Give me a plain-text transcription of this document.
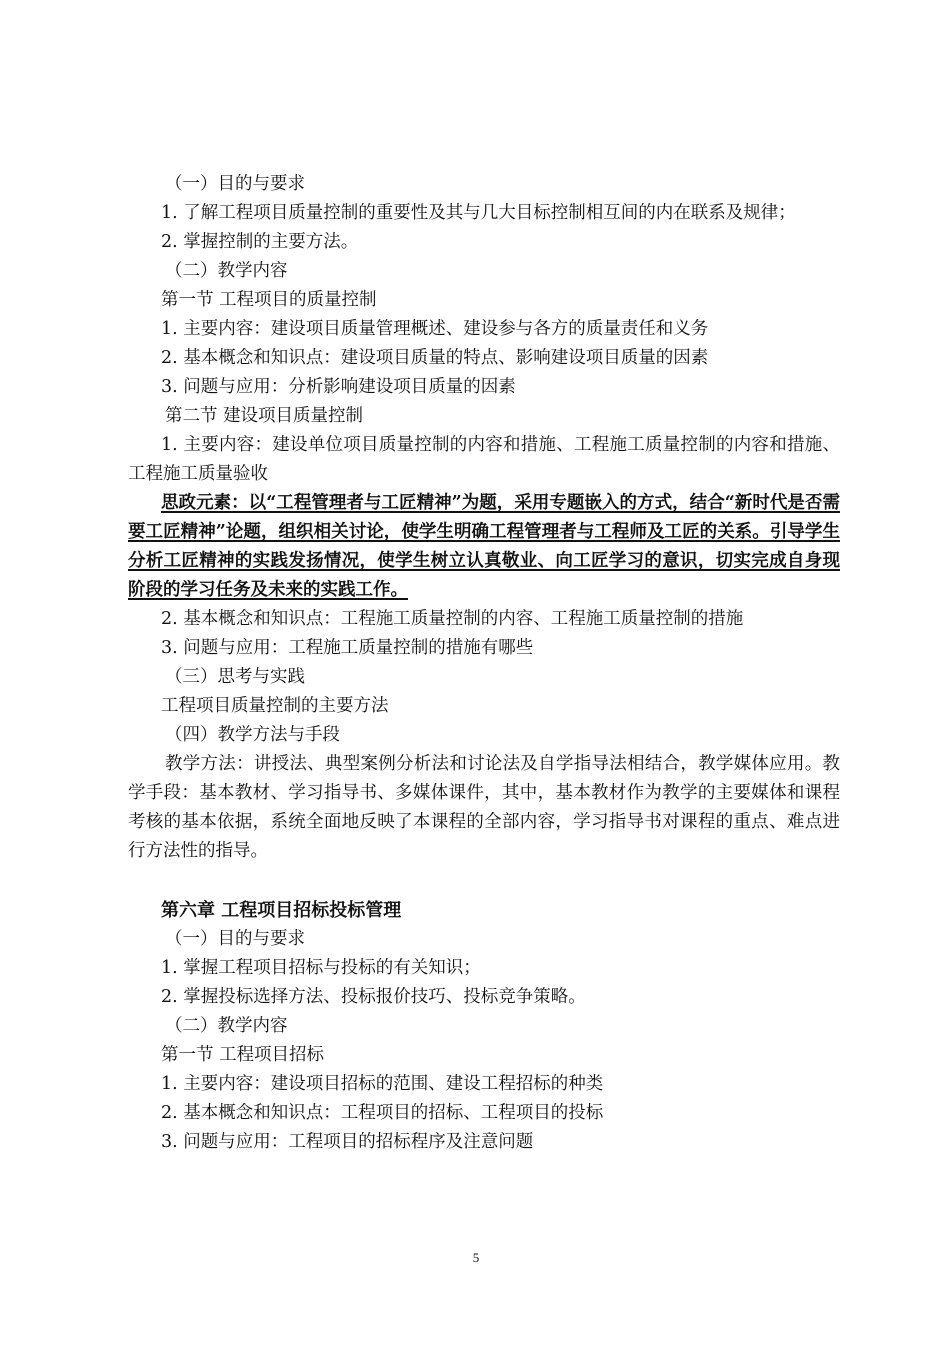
（一）目的与要求
1. 了解工程项目质量控制的重要性及其与几大目标控制相互间的内在联系及规律；
2. 掌握控制的主要方法。
（二）教学内容
第一节 工程项目的质量控制
1. 主要内容：建设项目质量管理概述、建设参与各方的质量责任和义务
2. 基本概念和知识点：建设项目质量的特点、影响建设项目质量的因素
3. 问题与应用：分析影响建设项目质量的因素
第二节 建设项目质量控制
1. 主要内容：建设单位项目质量控制的内容和措施、工程施工质量控制的内容和措施、工程施工质量验收
思政元素：以“工程管理者与工匠精神”为题，采用专题嵌入的方式，结合“新时代是否需要工匠精神”论题，组织相关讨论，使学生明确工程管理者与工程师及工匠的关系。引导学生分析工匠精神的实践发扬情况，使学生树立认真敬业、向工匠学习的意识，切实完成自身现阶段的学习任务及未来的实践工作。
2. 基本概念和知识点：工程施工质量控制的内容、工程施工质量控制的措施
3. 问题与应用：工程施工质量控制的措施有哪些
（三）思考与实践
工程项目质量控制的主要方法
（四）教学方法与手段
教学方法：讲授法、典型案例分析法和讨论法及自学指导法相结合，教学媒体应用。教学手段：基本教材、学习指导书、多媒体课件，其中，基本教材作为教学的主要媒体和课程考核的基本依据，系统全面地反映了本课程的全部内容，学习指导书对课程的重点、难点进行方法性的指导。
第六章 工程项目招标投标管理
（一）目的与要求
1. 掌握工程项目招标与投标的有关知识；
2. 掌握投标选择方法、投标报价技巧、投标竞争策略。
（二）教学内容
第一节 工程项目招标
1. 主要内容：建设项目招标的范围、建设工程招标的种类
2. 基本概念和知识点：工程项目的招标、工程项目的投标
3. 问题与应用：工程项目的招标程序及注意问题
5
